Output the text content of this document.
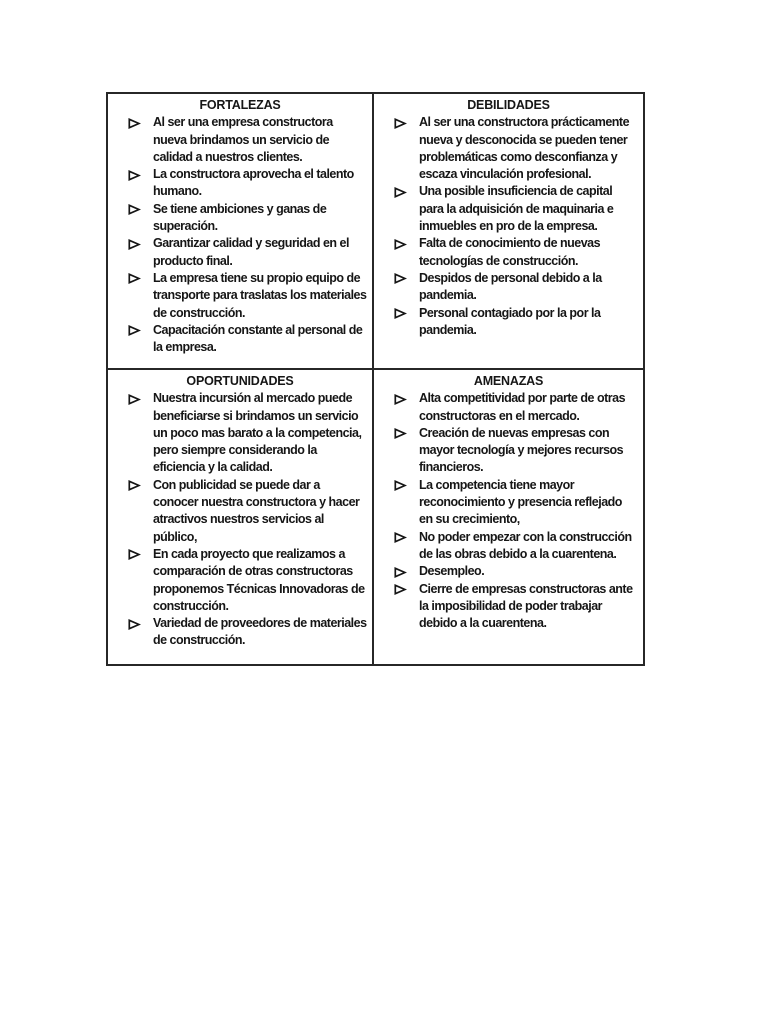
FORTALEZAS
Al ser una empresa constructora nueva brindamos un servicio de calidad a nuestros clientes.
La constructora aprovecha el talento humano.
Se tiene ambiciones y ganas de superación.
Garantizar calidad y seguridad en el producto final.
La empresa tiene su propio equipo de transporte para traslatas los materiales de construcción.
Capacitación constante al personal de la empresa.
DEBILIDADES
Al ser una constructora prácticamente nueva y desconocida se pueden tener problemáticas como desconfianza y escaza vinculación profesional.
Una posible insuficiencia de capital para la adquisición de maquinaria e inmuebles en pro de la empresa.
Falta de conocimiento de nuevas tecnologías de construcción.
Despidos de personal debido a la pandemia.
Personal contagiado por la por la pandemia.
OPORTUNIDADES
Nuestra incursión al mercado puede beneficiarse si brindamos un servicio un poco mas barato a la competencia, pero siempre considerando la eficiencia y la calidad.
Con publicidad se puede dar a conocer nuestra constructora y hacer atractivos nuestros servicios al público,
En cada proyecto que realizamos a comparación de otras constructoras proponemos Técnicas Innovadoras de construcción.
Variedad de proveedores de materiales de construcción.
AMENAZAS
Alta competitividad por parte de otras constructoras en el mercado.
Creación de nuevas empresas con mayor tecnología y mejores recursos financieros.
La competencia tiene mayor reconocimiento y presencia reflejado en su crecimiento,
No poder empezar con la construcción de las obras debido a la cuarentena.
Desempleo.
Cierre de empresas constructoras ante la imposibilidad de poder trabajar debido a la cuarentena.
